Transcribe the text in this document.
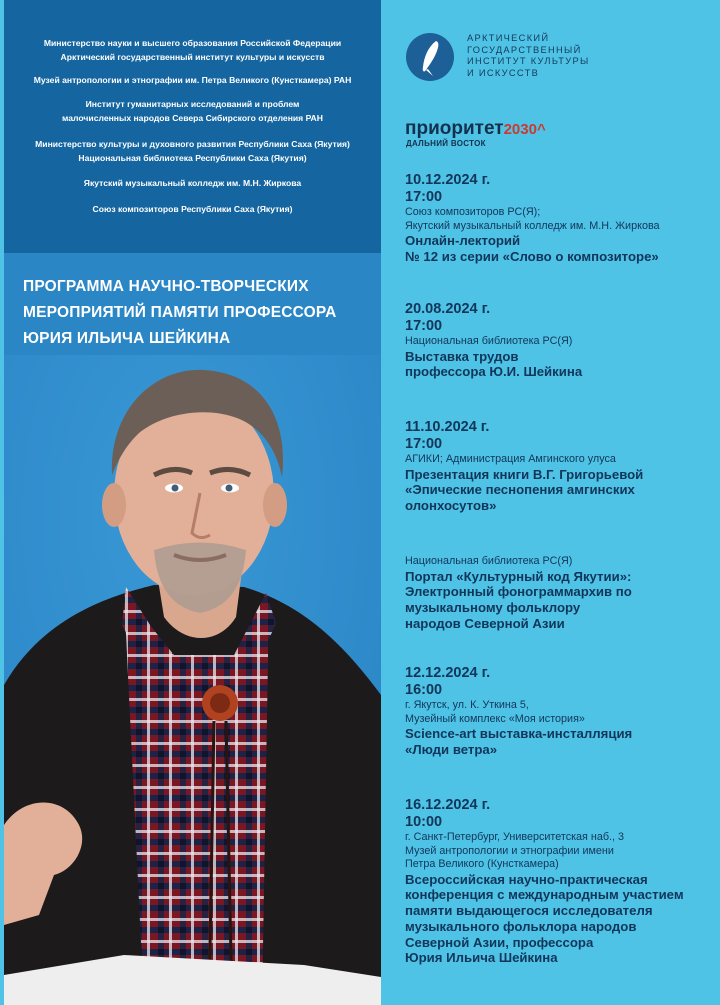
Министерство науки и высшего образования Российской Федерации
Арктический государственный институт культуры и искусств
Музей антропологии и этнографии им. Петра Великого (Кунсткамера) РАН
Институт гуманитарных исследований и проблем
малочисленных народов Севера Сибирского отделения РАН
Министерство культуры и духовного развития Республики Саха (Якутия)
Национальная библиотека Республики Саха (Якутия)
Якутский музыкальный колледж им. М.Н. Жиркова
Союз композиторов Республики Саха (Якутия)
ПРОГРАММА НАУЧНО-ТВОРЧЕСКИХ
МЕРОПРИЯТИЙ ПАМЯТИ ПРОФЕССОРА
ЮРИЯ ИЛЬИЧА ШЕЙКИНА
АРКТИЧЕСКИЙ
ГОСУДАРСТВЕННЫЙ
ИНСТИТУТ КУЛЬТУРЫ
И ИСКУССТВ
приоритет2030^
ДАЛЬНИЙ ВОСТОК
10.12.2024 г.
17:00
Союз композиторов РС(Я);
Якутский музыкальный колледж им. М.Н. Жиркова
Онлайн-лекторий
№ 12 из серии «Слово о композиторе»
20.08.2024 г.
17:00
Национальная библиотека РС(Я)
Выставка трудов
профессора Ю.И. Шейкина
11.10.2024 г.
17:00
АГИКИ; Администрация Амгинского улуса
Презентация книги В.Г. Григорьевой
«Эпические песнопения амгинских
олонхосутов»
Национальная библиотека РС(Я)
Портал «Культурный код Якутии»:
Электронный фонограммархив по
музыкальному фольклору
народов Северной Азии
12.12.2024 г.
16:00
г. Якутск, ул. К. Уткина 5,
Музейный комплекс «Моя история»
Science-art выставка-инсталляция
«Люди ветра»
16.12.2024 г.
10:00
г. Санкт-Петербург, Университетская наб., 3
Музей антропологии и этнографии имени
Петра Великого (Кунсткамера)
Всероссийская научно-практическая
конференция с международным участием
памяти выдающегося исследователя
музыкального фольклора народов
Северной Азии, профессора
Юрия Ильича Шейкина
